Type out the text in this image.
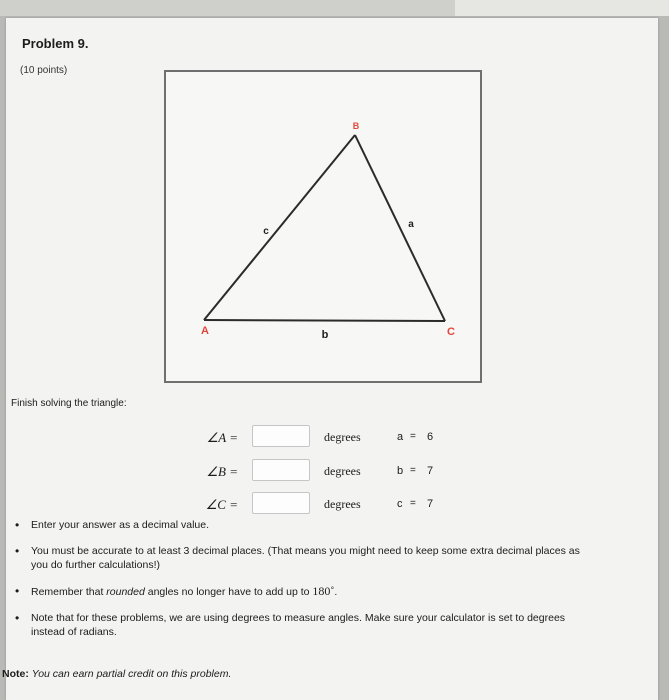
Problem 9.
(10 points)
B
A	C
c
a
b
Finish solving the triangle:
∠A =	degrees	a = 6
∠B =	degrees	b = 7
∠C =	degrees	c = 7
• Enter your answer as a decimal value.
• You must be accurate to at least 3 decimal places. (That means you might need to keep some extra decimal places as
you do further calculations!)
• Remember that rounded angles no longer have to add up to 180˚.
• Note that for these problems, we are using degrees to measure angles. Make sure your calculator is set to degrees
instead of radians.
Note: You can earn partial credit on this problem.
